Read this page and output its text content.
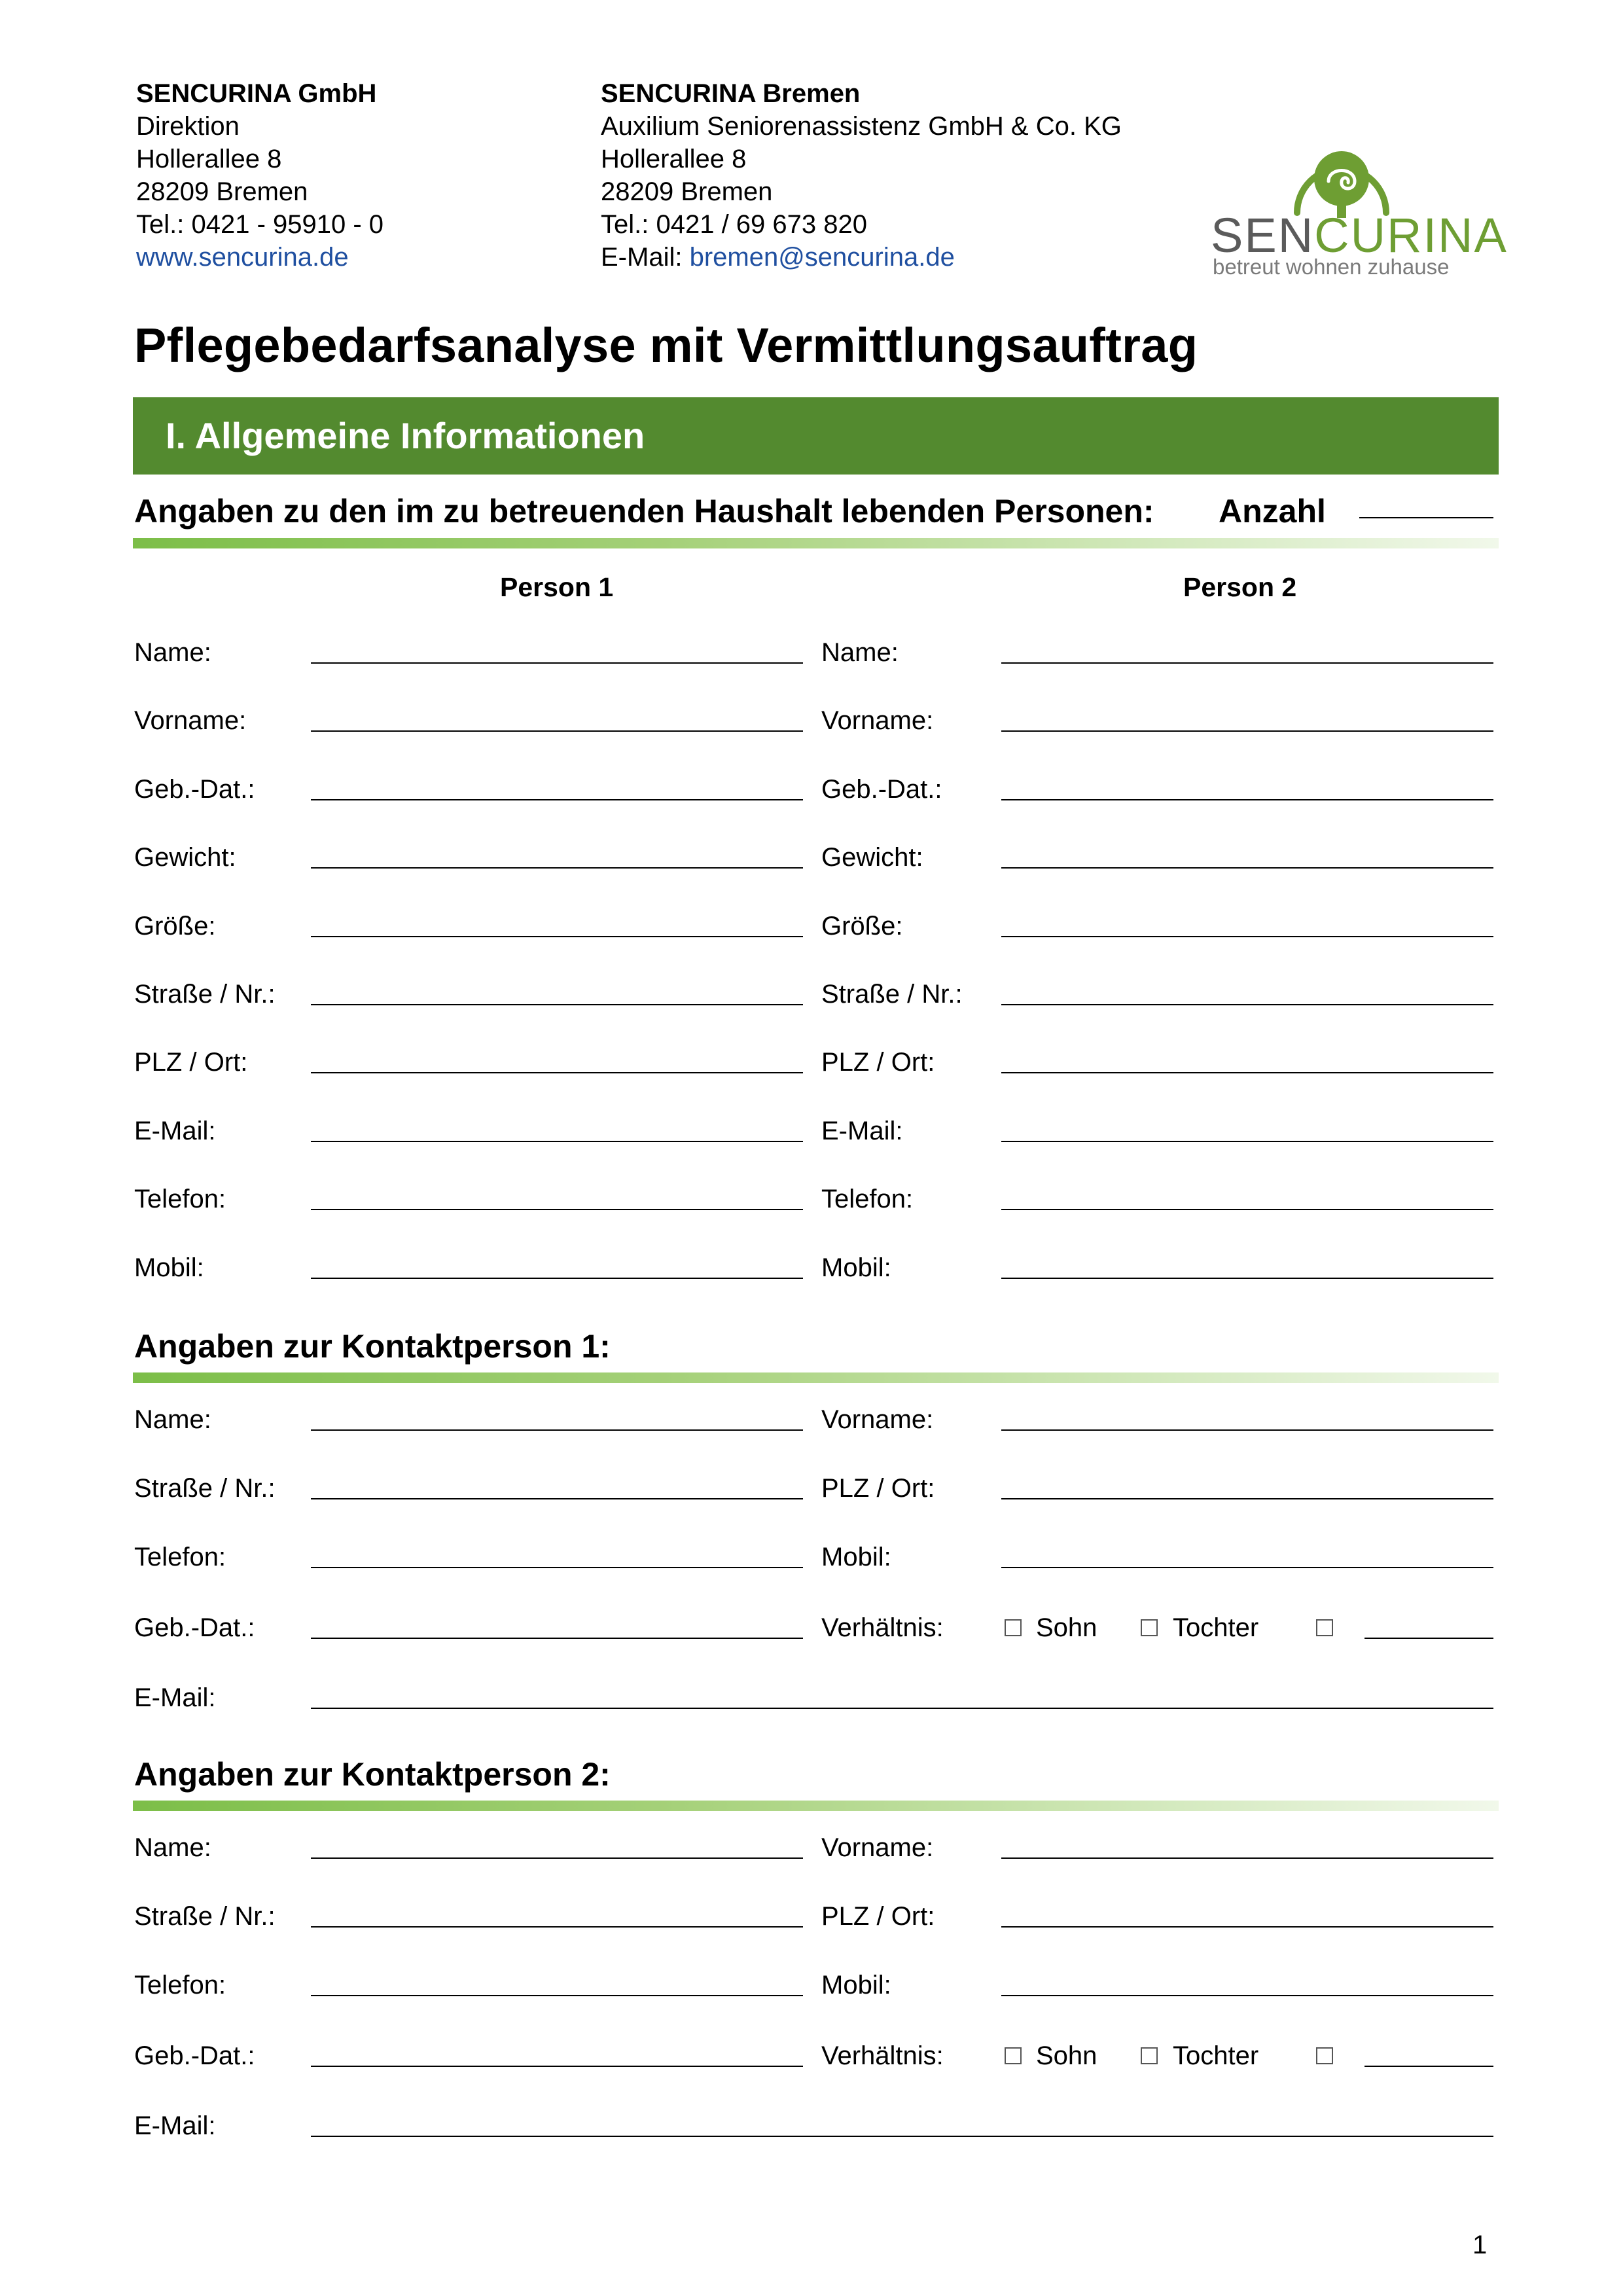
SENCURINA GmbH
Direktion
Hollerallee 8
28209 Bremen
Tel.: 0421 - 95910 - 0
www.sencurina.de
SENCURINA Bremen
Auxilium Seniorenassistenz GmbH & Co. KG
Hollerallee 8
28209 Bremen
Tel.: 0421 / 69 673 820
E-Mail: bremen@sencurina.de	SENCURINA
betreut wohnen zuhause
Pflegebedarfsanalyse mit Vermittlungsauftrag
I. Allgemeine Informationen
Angaben zu den im zu betreuenden Haushalt lebenden Personen: Anzahl
Person 1	Person 2
Name:	Name:
Vorname:	Vorname:
Geb.-Dat.:	Geb.-Dat.:
Gewicht:	Gewicht:
Größe:	Größe:
Straße / Nr.:	Straße / Nr.:
PLZ / Ort:	PLZ / Ort:
E-Mail:	E-Mail:
Telefon:	Telefon:
Mobil:	Mobil:
Angaben zur Kontaktperson 1:
Name:	Vorname:
Straße / Nr.:	PLZ / Ort:
Telefon:	Mobil:
Geb.-Dat.:	Verhältnis:	Sohn	Tochter
E-Mail:
Angaben zur Kontaktperson 2:
Name:	Vorname:
Straße / Nr.:	PLZ / Ort:
Telefon:	Mobil:
Geb.-Dat.:	Verhältnis:	Sohn	Tochter
E-Mail:
1
